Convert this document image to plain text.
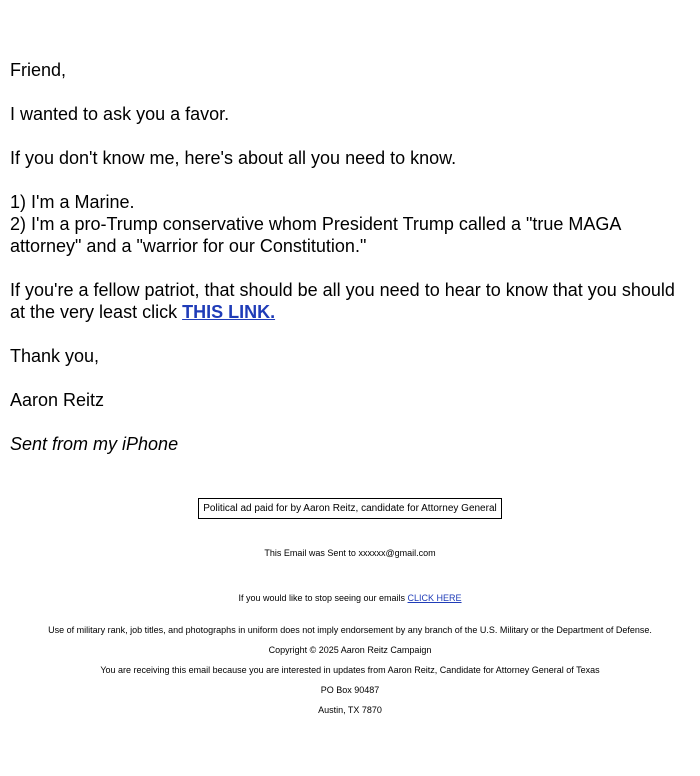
Friend,

I wanted to ask you a favor.

If you don't know me, here's about all you need to know.

1) I'm a Marine.

2) I'm a pro-Trump conservative whom President Trump called a "true MAGA attorney" and a "warrior for our Constitution."

If you're a fellow patriot, that should be all you need to hear to know that you should at the very least click THIS LINK.

Thank you,

Aaron Reitz

Sent from my iPhone

Political ad paid for by Aaron Reitz, candidate for Attorney General
This Email was Sent to xxxxxx@gmail.com
If you would like to stop seeing our emails CLICK HERE
Use of military rank, job titles, and photographs in uniform does not imply endorsement by any branch of the U.S. Military or the Department of Defense.
Copyright © 2025 Aaron Reitz Campaign
You are receiving this email because you are interested in updates from Aaron Reitz, Candidate for Attorney General of Texas
PO Box 90487
Austin, TX 7870
